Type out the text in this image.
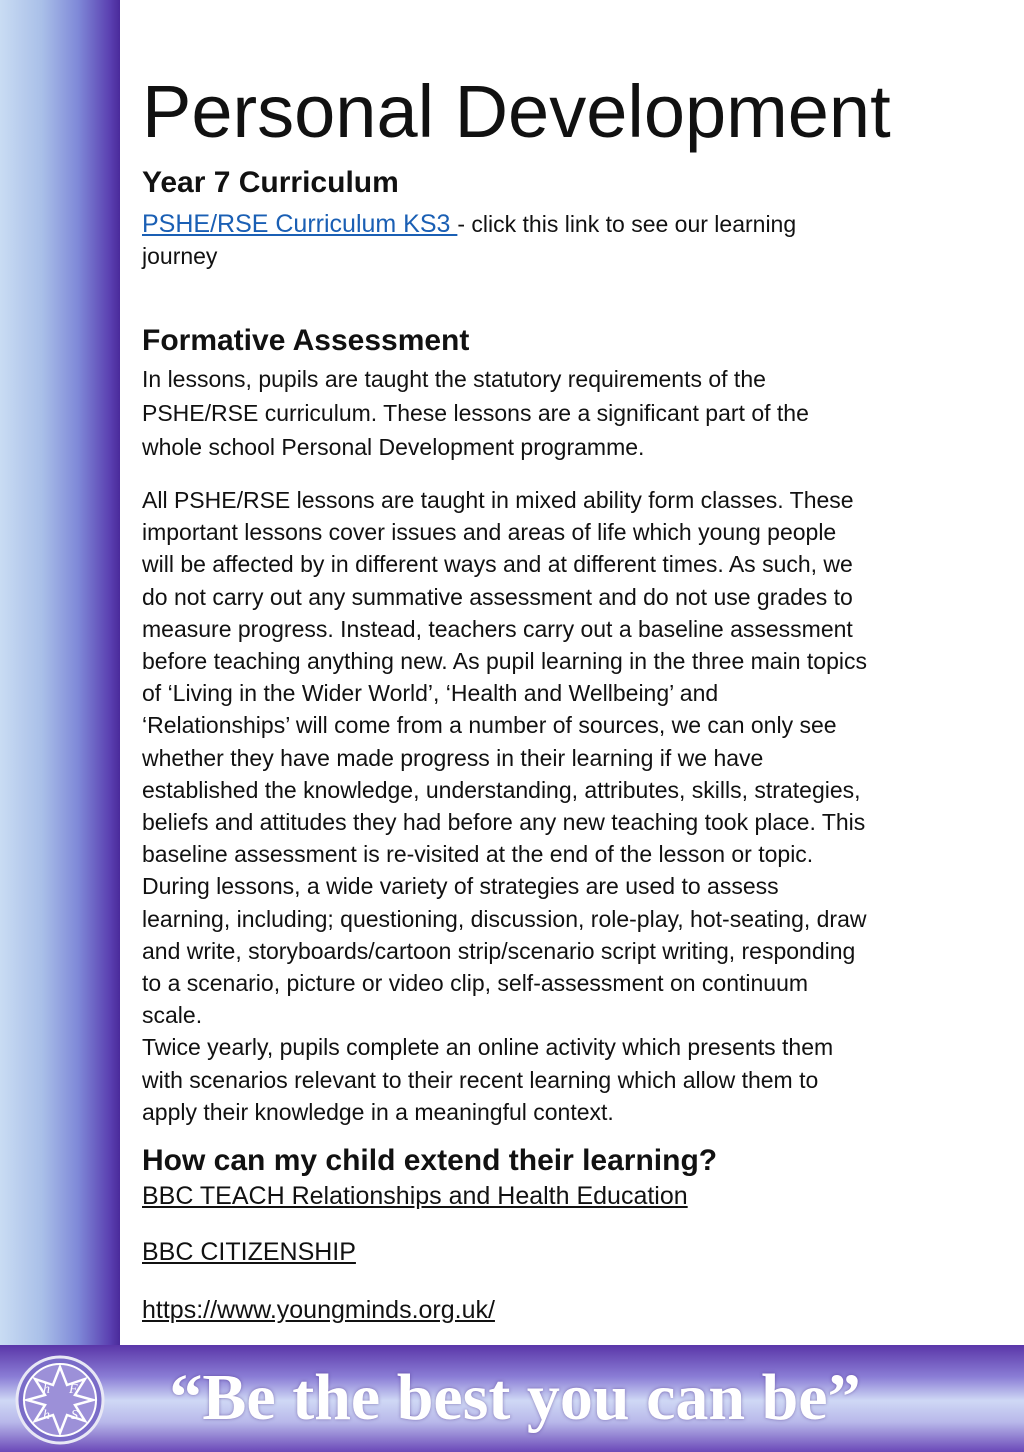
Personal Development
Year 7 Curriculum
PSHE/RSE Curriculum KS3 - click this link to see our learning
journey
Formative Assessment
In lessons, pupils are taught the statutory requirements of the
PSHE/RSE curriculum. These lessons are a significant part of the
whole school Personal Development programme.
All PSHE/RSE lessons are taught in mixed ability form classes. These
important lessons cover issues and areas of life which young people
will be affected by in different ways and at different times. As such, we
do not carry out any summative assessment and do not use grades to
measure progress. Instead, teachers carry out a baseline assessment
before teaching anything new. As pupil learning in the three main topics
of ‘Living in the Wider World’, ‘Health and Wellbeing’ and
‘Relationships’ will come from a number of sources, we can only see
whether they have made progress in their learning if we have
established the knowledge, understanding, attributes, skills, strategies,
beliefs and attitudes they had before any new teaching took place. This
baseline assessment is re-visited at the end of the lesson or topic.
During lessons, a wide variety of strategies are used to assess
learning, including; questioning, discussion, role-play, hot-seating, draw
and write, storyboards/cartoon strip/scenario script writing, responding
to a scenario, picture or video clip, self-assessment on continuum
scale.
Twice yearly, pupils complete an online activity which presents them
with scenarios relevant to their recent learning which allow them to
apply their knowledge in a meaningful context.
How can my child extend their learning?
BBC TEACH Relationships and Health Education
BBC CITIZENSHIP
https://www.youngminds.org.uk/
h F
h S “Be the best you can be”
